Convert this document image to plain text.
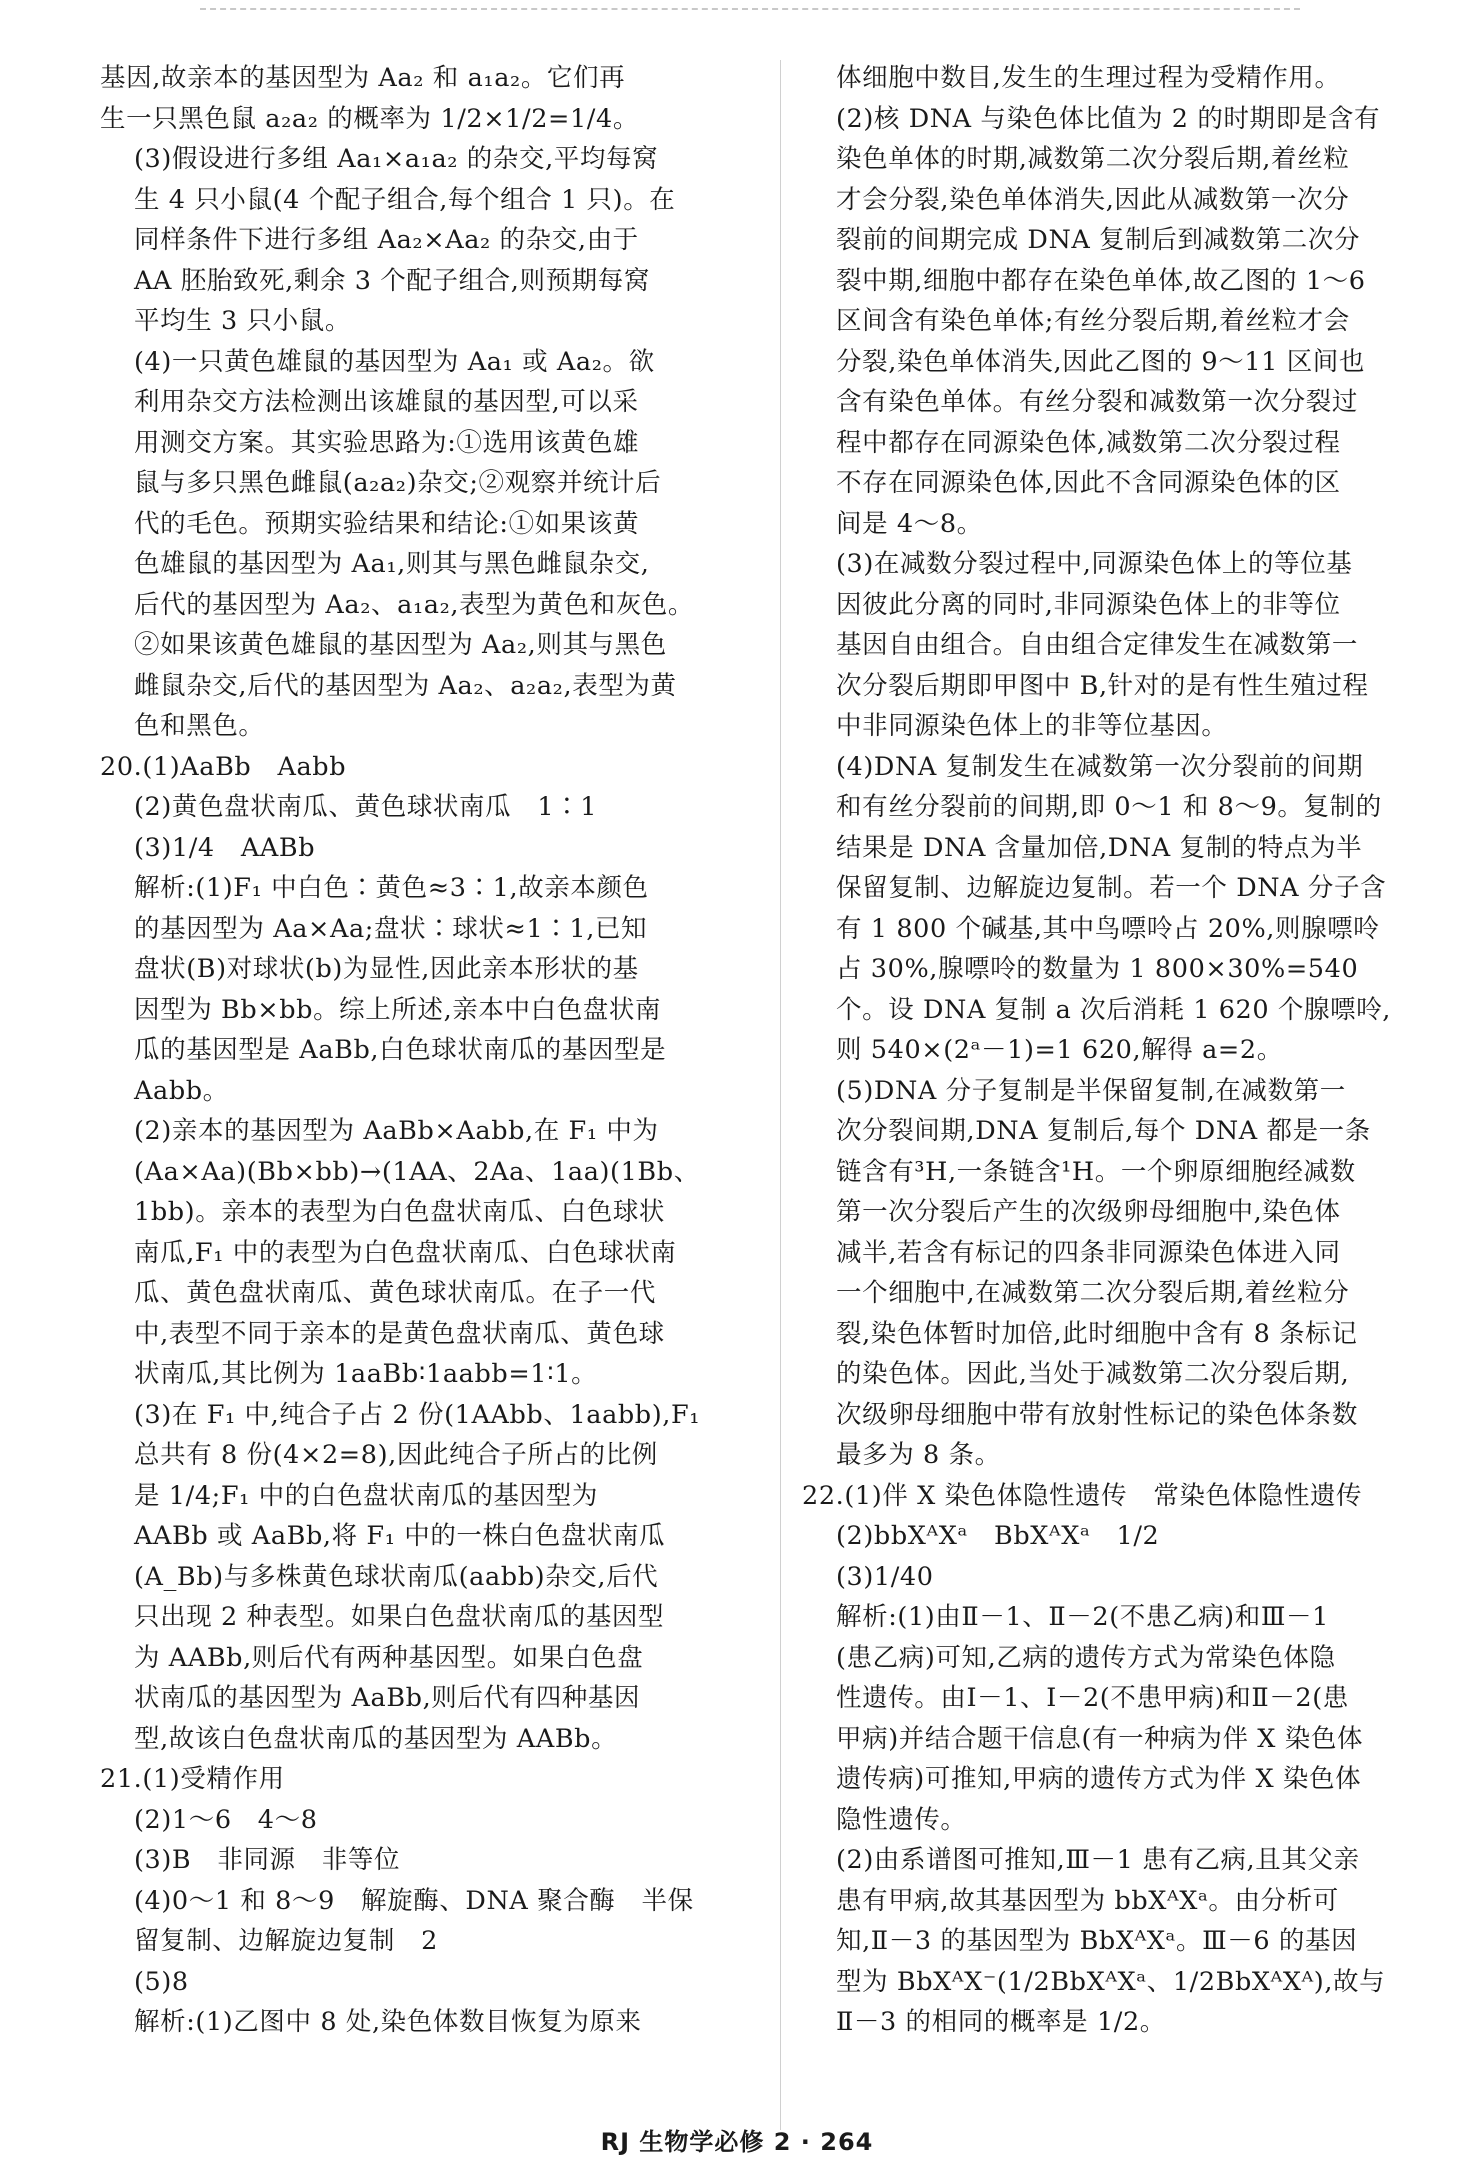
基因,故亲本的基因型为 Aa₂ 和 a₁a₂。它们再
生一只黑色鼠 a₂a₂ 的概率为 1/2×1/2=1/4。
(3)假设进行多组 Aa₁×a₁a₂ 的杂交,平均每窝
生 4 只小鼠(4 个配子组合,每个组合 1 只)。在
同样条件下进行多组 Aa₂×Aa₂ 的杂交,由于
AA 胚胎致死,剩余 3 个配子组合,则预期每窝
平均生 3 只小鼠。
(4)一只黄色雄鼠的基因型为 Aa₁ 或 Aa₂。欲
利用杂交方法检测出该雄鼠的基因型,可以采
用测交方案。其实验思路为:①选用该黄色雄
鼠与多只黑色雌鼠(a₂a₂)杂交;②观察并统计后
代的毛色。预期实验结果和结论:①如果该黄
色雄鼠的基因型为 Aa₁,则其与黑色雌鼠杂交,
后代的基因型为 Aa₂、a₁a₂,表型为黄色和灰色。
②如果该黄色雄鼠的基因型为 Aa₂,则其与黑色
雌鼠杂交,后代的基因型为 Aa₂、a₂a₂,表型为黄
色和黑色。
20.(1)AaBb　Aabb
(2)黄色盘状南瓜、黄色球状南瓜　1∶1
(3)1/4　AABb
解析:(1)F₁ 中白色∶黄色≈3∶1,故亲本颜色
的基因型为 Aa×Aa;盘状∶球状≈1∶1,已知
盘状(B)对球状(b)为显性,因此亲本形状的基
因型为 Bb×bb。综上所述,亲本中白色盘状南
瓜的基因型是 AaBb,白色球状南瓜的基因型是
Aabb。
(2)亲本的基因型为 AaBb×Aabb,在 F₁ 中为
(Aa×Aa)(Bb×bb)→(1AA、2Aa、1aa)(1Bb、
1bb)。亲本的表型为白色盘状南瓜、白色球状
南瓜,F₁ 中的表型为白色盘状南瓜、白色球状南
瓜、黄色盘状南瓜、黄色球状南瓜。在子一代
中,表型不同于亲本的是黄色盘状南瓜、黄色球
状南瓜,其比例为 1aaBb∶1aabb=1∶1。
(3)在 F₁ 中,纯合子占 2 份(1AAbb、1aabb),F₁
总共有 8 份(4×2=8),因此纯合子所占的比例
是 1/4;F₁ 中的白色盘状南瓜的基因型为
AABb 或 AaBb,将 F₁ 中的一株白色盘状南瓜
(A_Bb)与多株黄色球状南瓜(aabb)杂交,后代
只出现 2 种表型。如果白色盘状南瓜的基因型
为 AABb,则后代有两种基因型。如果白色盘
状南瓜的基因型为 AaBb,则后代有四种基因
型,故该白色盘状南瓜的基因型为 AABb。
21.(1)受精作用
(2)1～6　4～8
(3)B　非同源　非等位
(4)0～1 和 8～9　解旋酶、DNA 聚合酶　半保
留复制、边解旋边复制　2
(5)8
解析:(1)乙图中 8 处,染色体数目恢复为原来
体细胞中数目,发生的生理过程为受精作用。
(2)核 DNA 与染色体比值为 2 的时期即是含有
染色单体的时期,减数第二次分裂后期,着丝粒
才会分裂,染色单体消失,因此从减数第一次分
裂前的间期完成 DNA 复制后到减数第二次分
裂中期,细胞中都存在染色单体,故乙图的 1～6
区间含有染色单体;有丝分裂后期,着丝粒才会
分裂,染色单体消失,因此乙图的 9～11 区间也
含有染色单体。有丝分裂和减数第一次分裂过
程中都存在同源染色体,减数第二次分裂过程
不存在同源染色体,因此不含同源染色体的区
间是 4～8。
(3)在减数分裂过程中,同源染色体上的等位基
因彼此分离的同时,非同源染色体上的非等位
基因自由组合。自由组合定律发生在减数第一
次分裂后期即甲图中 B,针对的是有性生殖过程
中非同源染色体上的非等位基因。
(4)DNA 复制发生在减数第一次分裂前的间期
和有丝分裂前的间期,即 0～1 和 8～9。复制的
结果是 DNA 含量加倍,DNA 复制的特点为半
保留复制、边解旋边复制。若一个 DNA 分子含
有 1 800 个碱基,其中鸟嘌呤占 20%,则腺嘌呤
占 30%,腺嘌呤的数量为 1 800×30%=540
个。设 DNA 复制 a 次后消耗 1 620 个腺嘌呤,
则 540×(2ᵃ－1)=1 620,解得 a=2。
(5)DNA 分子复制是半保留复制,在减数第一
次分裂间期,DNA 复制后,每个 DNA 都是一条
链含有³H,一条链含¹H。一个卵原细胞经减数
第一次分裂后产生的次级卵母细胞中,染色体
减半,若含有标记的四条非同源染色体进入同
一个细胞中,在减数第二次分裂后期,着丝粒分
裂,染色体暂时加倍,此时细胞中含有 8 条标记
的染色体。因此,当处于减数第二次分裂后期,
次级卵母细胞中带有放射性标记的染色体条数
最多为 8 条。
22.(1)伴 X 染色体隐性遗传　常染色体隐性遗传
(2)bbXᴬXᵃ　BbXᴬXᵃ　1/2
(3)1/40
解析:(1)由Ⅱ－1、Ⅱ－2(不患乙病)和Ⅲ－1
(患乙病)可知,乙病的遗传方式为常染色体隐
性遗传。由Ⅰ－1、Ⅰ－2(不患甲病)和Ⅱ－2(患
甲病)并结合题干信息(有一种病为伴 X 染色体
遗传病)可推知,甲病的遗传方式为伴 X 染色体
隐性遗传。
(2)由系谱图可推知,Ⅲ－1 患有乙病,且其父亲
患有甲病,故其基因型为 bbXᴬXᵃ。由分析可
知,Ⅱ－3 的基因型为 BbXᴬXᵃ。Ⅲ－6 的基因
型为 BbXᴬX⁻(1/2BbXᴬXᵃ、1/2BbXᴬXᴬ),故与
Ⅱ－3 的相同的概率是 1/2。
RJ 生物学必修 2 · 264
